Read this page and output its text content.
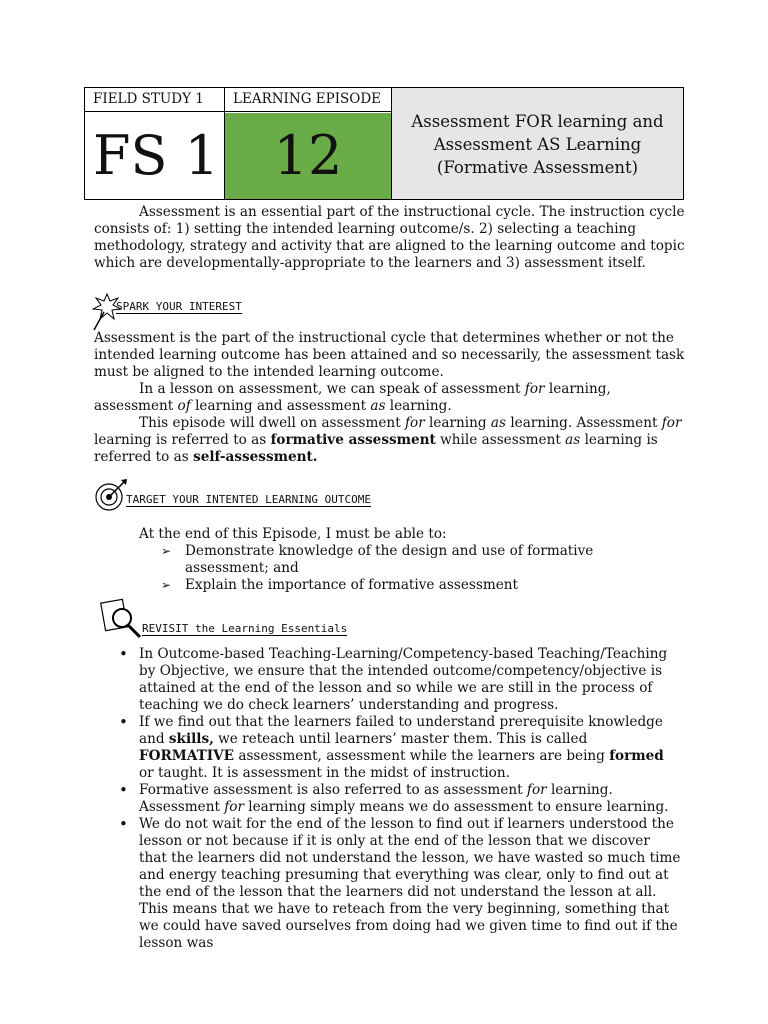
FIELD STUDY 1
FS 1
LEARNING EPISODE
12
Assessment FOR learning and
Assessment AS Learning
(Formative Assessment)
Assessment is an essential part of the instructional cycle. The instruction cycle consists of: 1) setting the intended learning outcome/s. 2) selecting a teaching methodology, strategy and activity that are aligned to the learning outcome and topic which are developmentally-appropriate to the learners and 3) assessment itself.
SPARK YOUR INTEREST
Assessment is the part of the instructional cycle that determines whether or not the intended learning outcome has been attained and so necessarily, the assessment task must be aligned to the intended learning outcome.
In a lesson on assessment, we can speak of assessment for learning, assessment of learning and assessment as learning.
This episode will dwell on assessment for learning as learning. Assessment for learning is referred to as formative assessment while assessment as learning is referred to as self-assessment.
TARGET YOUR INTENTED LEARNING OUTCOME
At the end of this Episode, I must be able to:
➢ Demonstrate knowledge of the design and use of formative assessment; and
➢ Explain the importance of formative assessment
REVISIT the Learning Essentials
• In Outcome-based Teaching-Learning/Competency-based Teaching/Teaching by Objective, we ensure that the intended outcome/competency/objective is attained at the end of the lesson and so while we are still in the process of teaching we do check learners’ understanding and progress.
• If we find out that the learners failed to understand prerequisite knowledge and skills, we reteach until learners’ master them. This is called FORMATIVE assessment, assessment while the learners are being formed or taught. It is assessment in the midst of instruction.
• Formative assessment is also referred to as assessment for learning. Assessment for learning simply means we do assessment to ensure learning.
• We do not wait for the end of the lesson to find out if learners understood the lesson or not because if it is only at the end of the lesson that we discover that the learners did not understand the lesson, we have wasted so much time and energy teaching presuming that everything was clear, only to find out at the end of the lesson that the learners did not understand the lesson at all. This means that we have to reteach from the very beginning, something that we could have saved ourselves from doing had we given time to find out if the lesson was
